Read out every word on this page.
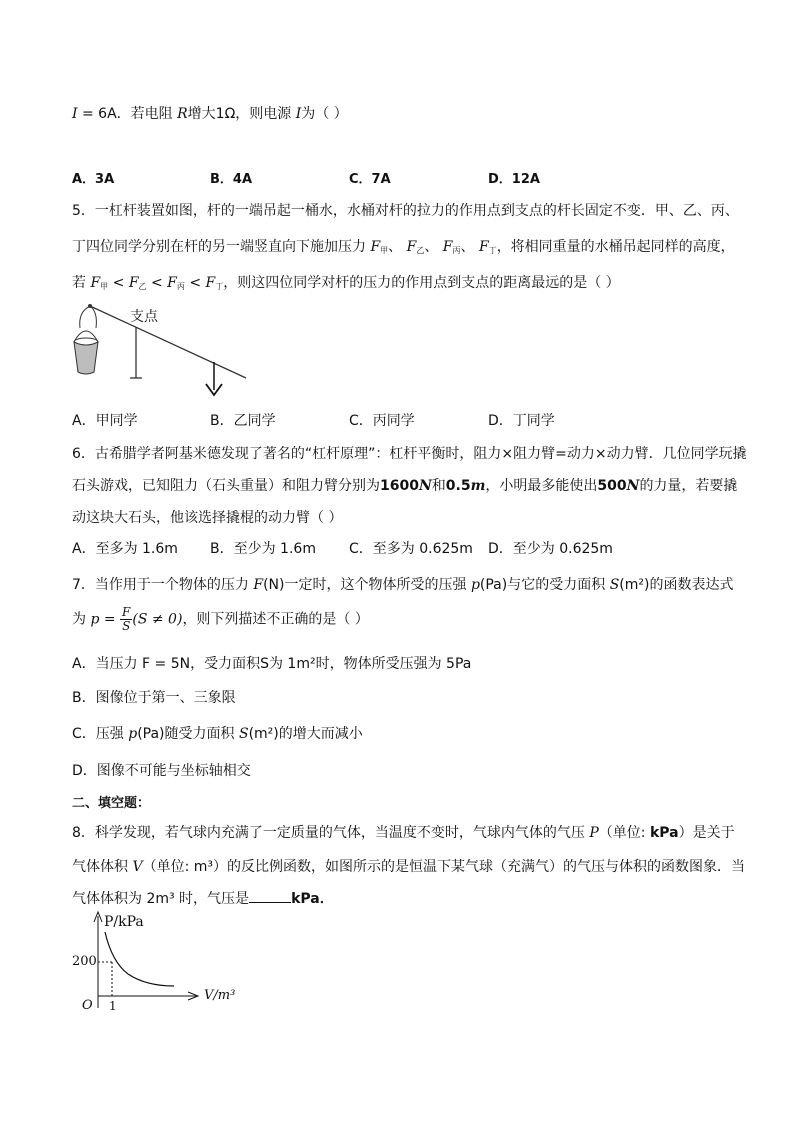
I = 6A．若电阻 R增大1Ω，则电源 I为（ ）
A．3A	B．4A	C．7A	D．12A
5．一杠杆装置如图，杆的一端吊起一桶水，水桶对杆的拉力的作用点到支点的杆长固定不变．甲、乙、丙、
丁四位同学分别在杆的另一端竖直向下施加压力 $F_甲$、 $F_乙$、 $F_丙$、 $F_丁$，将相同重量的水桶吊起同样的高度，
若 $F_甲 < F_乙 < F_丙 < F_丁$，则这四位同学对杆的压力的作用点到支点的距离最远的是（ ）
支点
A．甲同学	B．乙同学	C．丙同学	D．丁同学
6．古希腊学者阿基米德发现了著名的“杠杆原理”：杠杆平衡时，阻力×阻力臂=动力×动力臂．几位同学玩撬
石头游戏，已知阻力（石头重量）和阻力臂分别为1600N和0.5m，小明最多能使出500N的力量，若要撬
动这块大石头，他该选择撬棍的动力臂（ ）
A．至多为 1.6m B．至少为 1.6m C．至多为 0.625m D．至少为 0.625m
7．当作用于一个物体的压力 F(N)一定时，这个物体所受的压强 p(Pa)与它的受力面积 S(m²)的函数表达式
为 $p = \frac{F}{S} (S \ne 0)$，则下列描述不正确的是（ ）
A．当压力 F = 5N，受力面积S为 1m²时，物体所受压强为 5Pa
B．图像位于第一、三象限
C．压强 p(Pa)随受力面积 S(m²)的增大而减小
D．图像不可能与坐标轴相交
二、填空题：
8．科学发现，若气球内充满了一定质量的气体，当温度不变时，气球内气体的气压 P（单位: kPa）是关于
气体体积 V（单位: m³）的反比例函数，如图所示的是恒温下某气球（充满气）的气压与体积的函数图象．当
气体体积为 2m³ 时，气压是	kPa．
P/kPa
200
V/m³
O 1
